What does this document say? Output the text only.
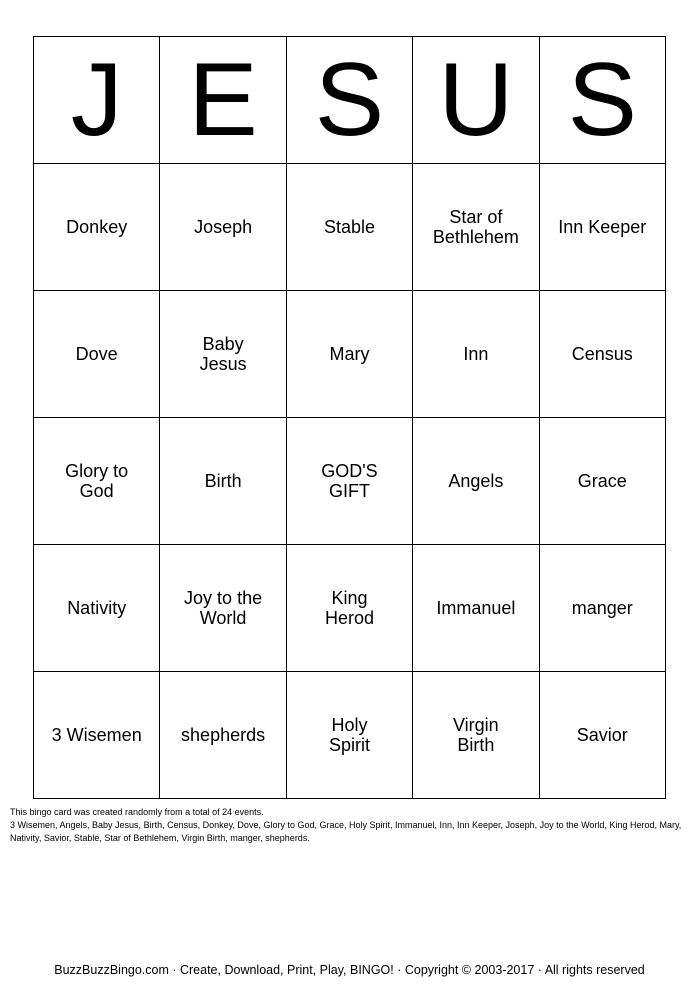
J	E	S	U	S
Donkey	Joseph	Stable	Star of Bethlehem	Inn Keeper
Dove	Baby Jesus	Mary	Inn	Census
Glory to God	Birth	GOD'S GIFT	Angels	Grace
Nativity	Joy to the World	King Herod	Immanuel	manger
3 Wisemen	shepherds	Holy Spirit	Virgin Birth	Savior

This bingo card was created randomly from a total of 24 events.

3 Wisemen, Angels, Baby Jesus, Birth, Census, Donkey, Dove, Glory to God, Grace, Holy Spirit, Immanuel, Inn, Inn Keeper, Joseph, Joy to the World, King Herod, Mary, Nativity, Savior, Stable, Star of Bethlehem, Virgin Birth, manger, shepherds.

BuzzBuzzBingo.com · Create, Download, Print, Play, BINGO! · Copyright © 2003-2017 · All rights reserved
